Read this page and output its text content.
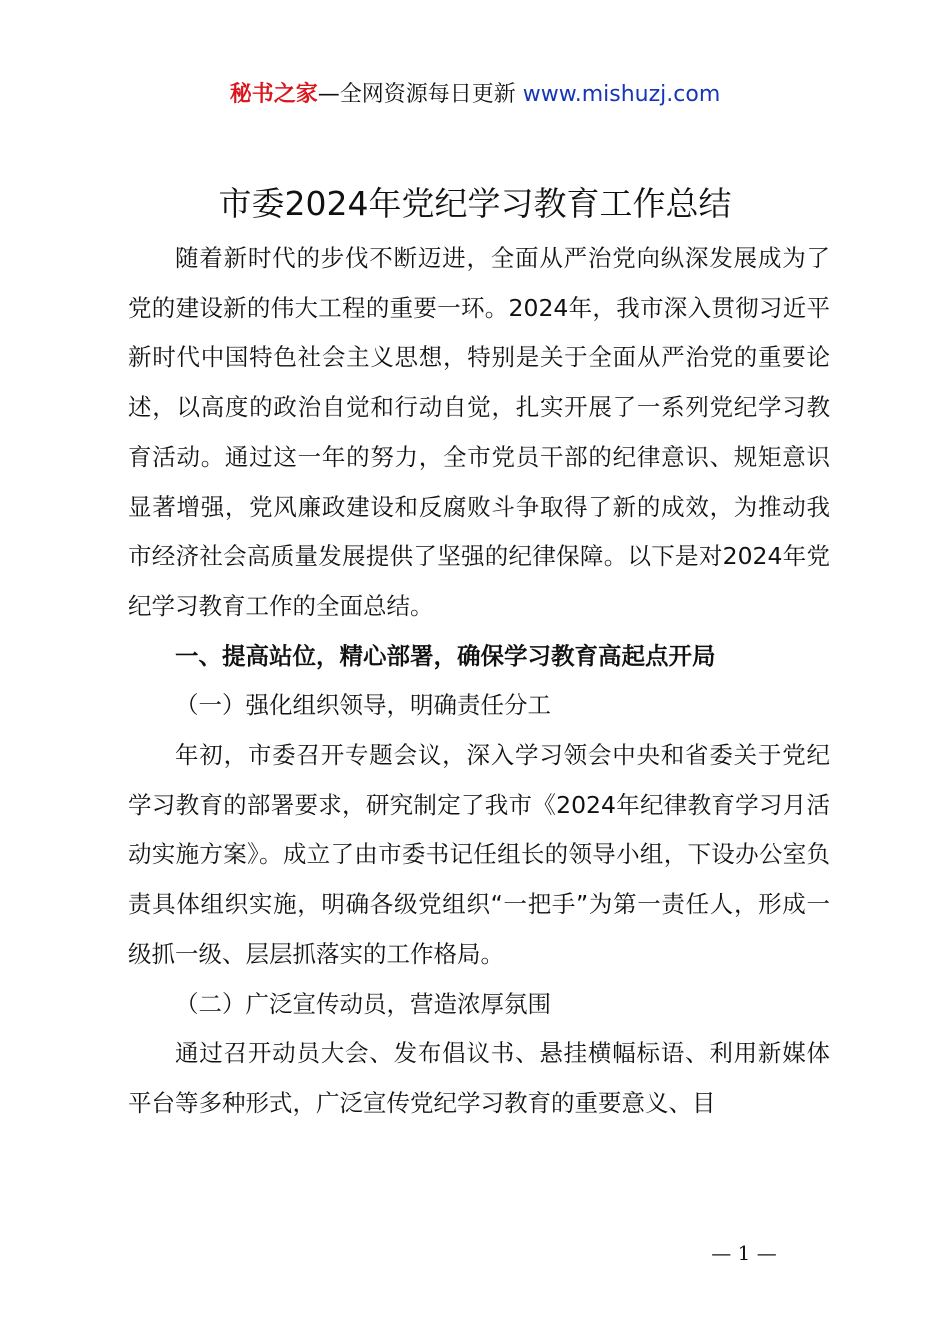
秘书之家—全网资源每日更新 www.mishuzj.com
市委2024年党纪学习教育工作总结

随着新时代的步伐不断迈进，全面从严治党向纵深发展成为了党的建设新的伟大工程的重要一环。2024年，我市深入贯彻习近平新时代中国特色社会主义思想，特别是关于全面从严治党的重要论述，以高度的政治自觉和行动自觉，扎实开展了一系列党纪学习教育活动。通过这一年的努力，全市党员干部的纪律意识、规矩意识显著增强，党风廉政建设和反腐败斗争取得了新的成效，为推动我市经济社会高质量发展提供了坚强的纪律保障。以下是对2024年党纪学习教育工作的全面总结。

一、提高站位，精心部署，确保学习教育高起点开局

（一）强化组织领导，明确责任分工

年初，市委召开专题会议，深入学习领会中央和省委关于党纪学习教育的部署要求，研究制定了我市《2024年纪律教育学习月活动实施方案》。成立了由市委书记任组长的领导小组，下设办公室负责具体组织实施，明确各级党组织“一把手”为第一责任人，形成一级抓一级、层层抓落实的工作格局。

（二）广泛宣传动员，营造浓厚氛围

通过召开动员大会、发布倡议书、悬挂横幅标语、利用新媒体平台等多种形式，广泛宣传党纪学习教育的重要意义、目

— 1 —
